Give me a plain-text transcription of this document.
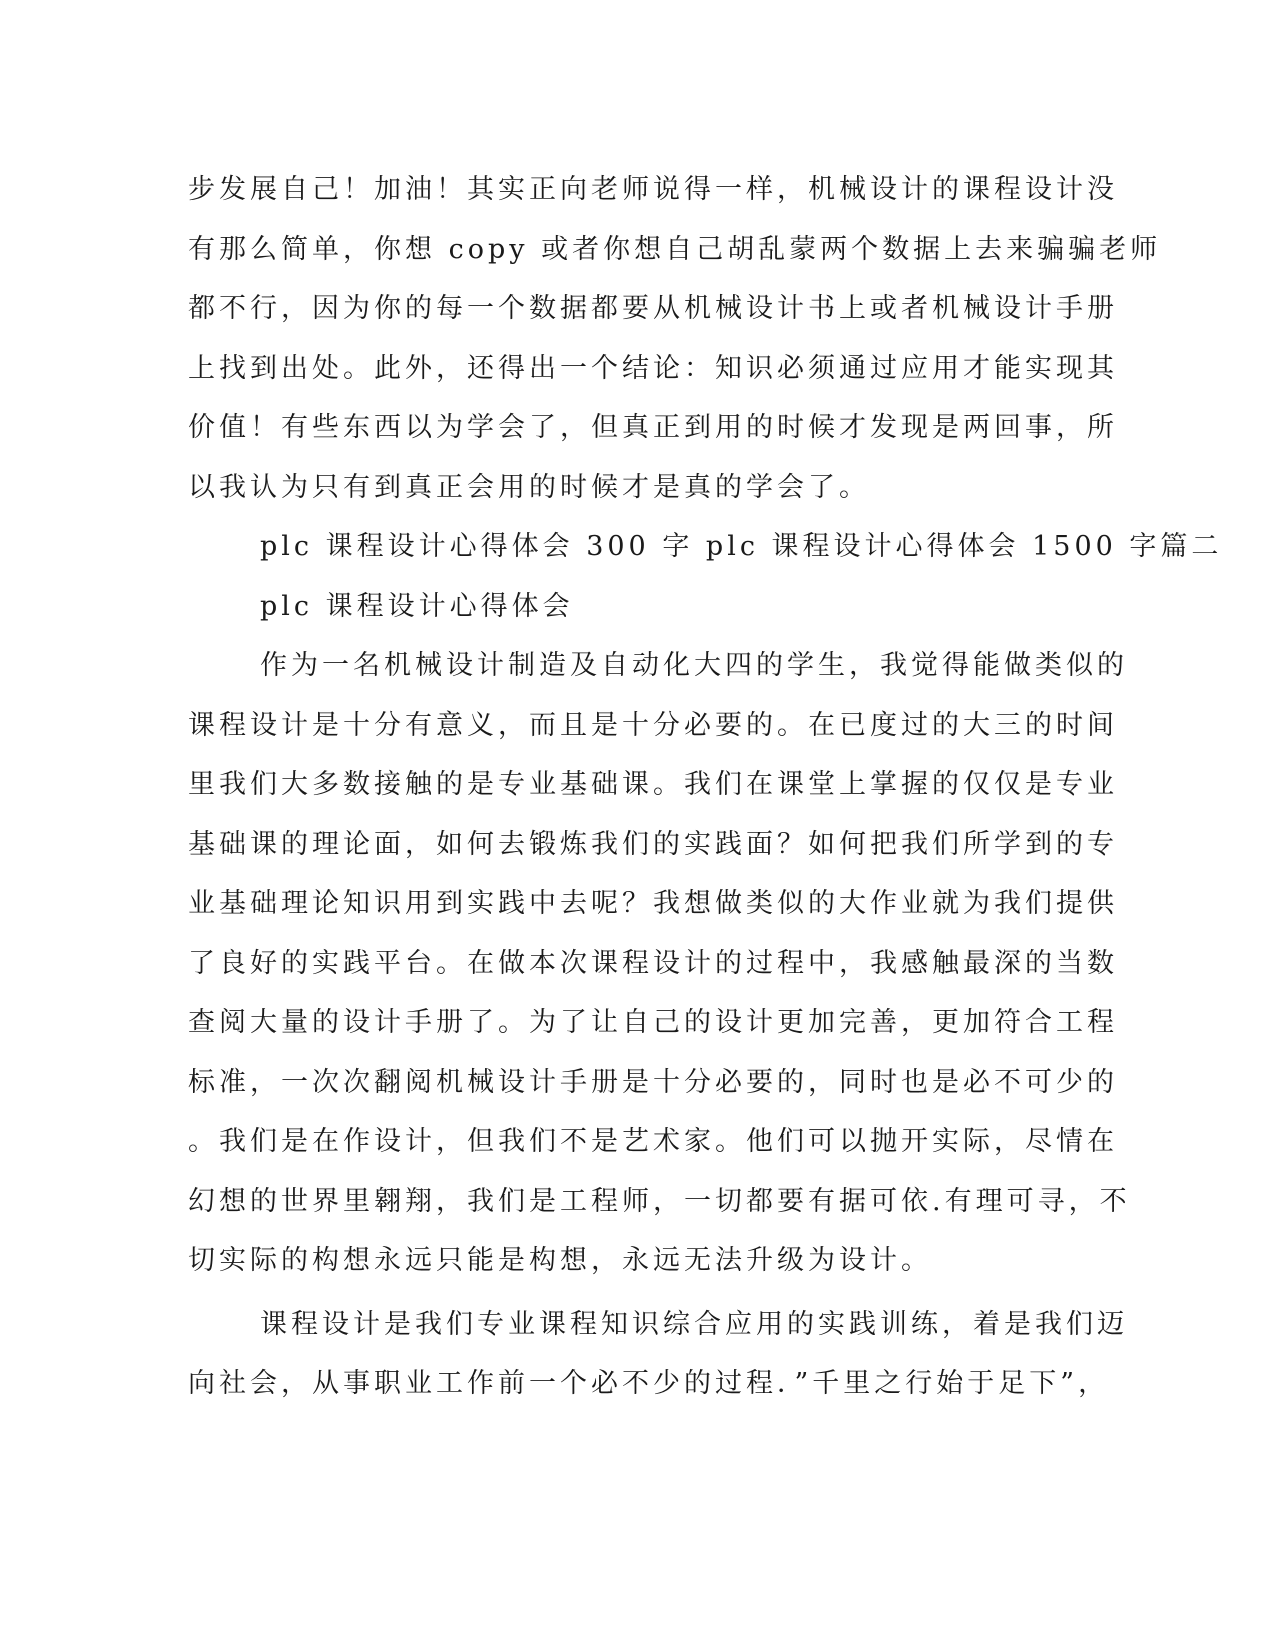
步发展自己！加油！其实正向老师说得一样，机械设计的课程设计没
有那么简单，你想 copy 或者你想自己胡乱蒙两个数据上去来骗骗老师
都不行，因为你的每一个数据都要从机械设计书上或者机械设计手册
上找到出处。此外，还得出一个结论：知识必须通过应用才能实现其
价值！有些东西以为学会了，但真正到用的时候才发现是两回事，所
以我认为只有到真正会用的时候才是真的学会了。
plc 课程设计心得体会 300 字 plc 课程设计心得体会 1500 字篇二
plc 课程设计心得体会
作为一名机械设计制造及自动化大四的学生，我觉得能做类似的
课程设计是十分有意义，而且是十分必要的。在已度过的大三的时间
里我们大多数接触的是专业基础课。我们在课堂上掌握的仅仅是专业
基础课的理论面，如何去锻炼我们的实践面？如何把我们所学到的专
业基础理论知识用到实践中去呢？我想做类似的大作业就为我们提供
了良好的实践平台。在做本次课程设计的过程中，我感触最深的当数
查阅大量的设计手册了。为了让自己的设计更加完善，更加符合工程
标准，一次次翻阅机械设计手册是十分必要的，同时也是必不可少的
。我们是在作设计，但我们不是艺术家。他们可以抛开实际，尽情在
幻想的世界里翱翔，我们是工程师，一切都要有据可依.有理可寻，不
切实际的构想永远只能是构想，永远无法升级为设计。
课程设计是我们专业课程知识综合应用的实践训练，着是我们迈
向社会，从事职业工作前一个必不少的过程．”千里之行始于足下”，
